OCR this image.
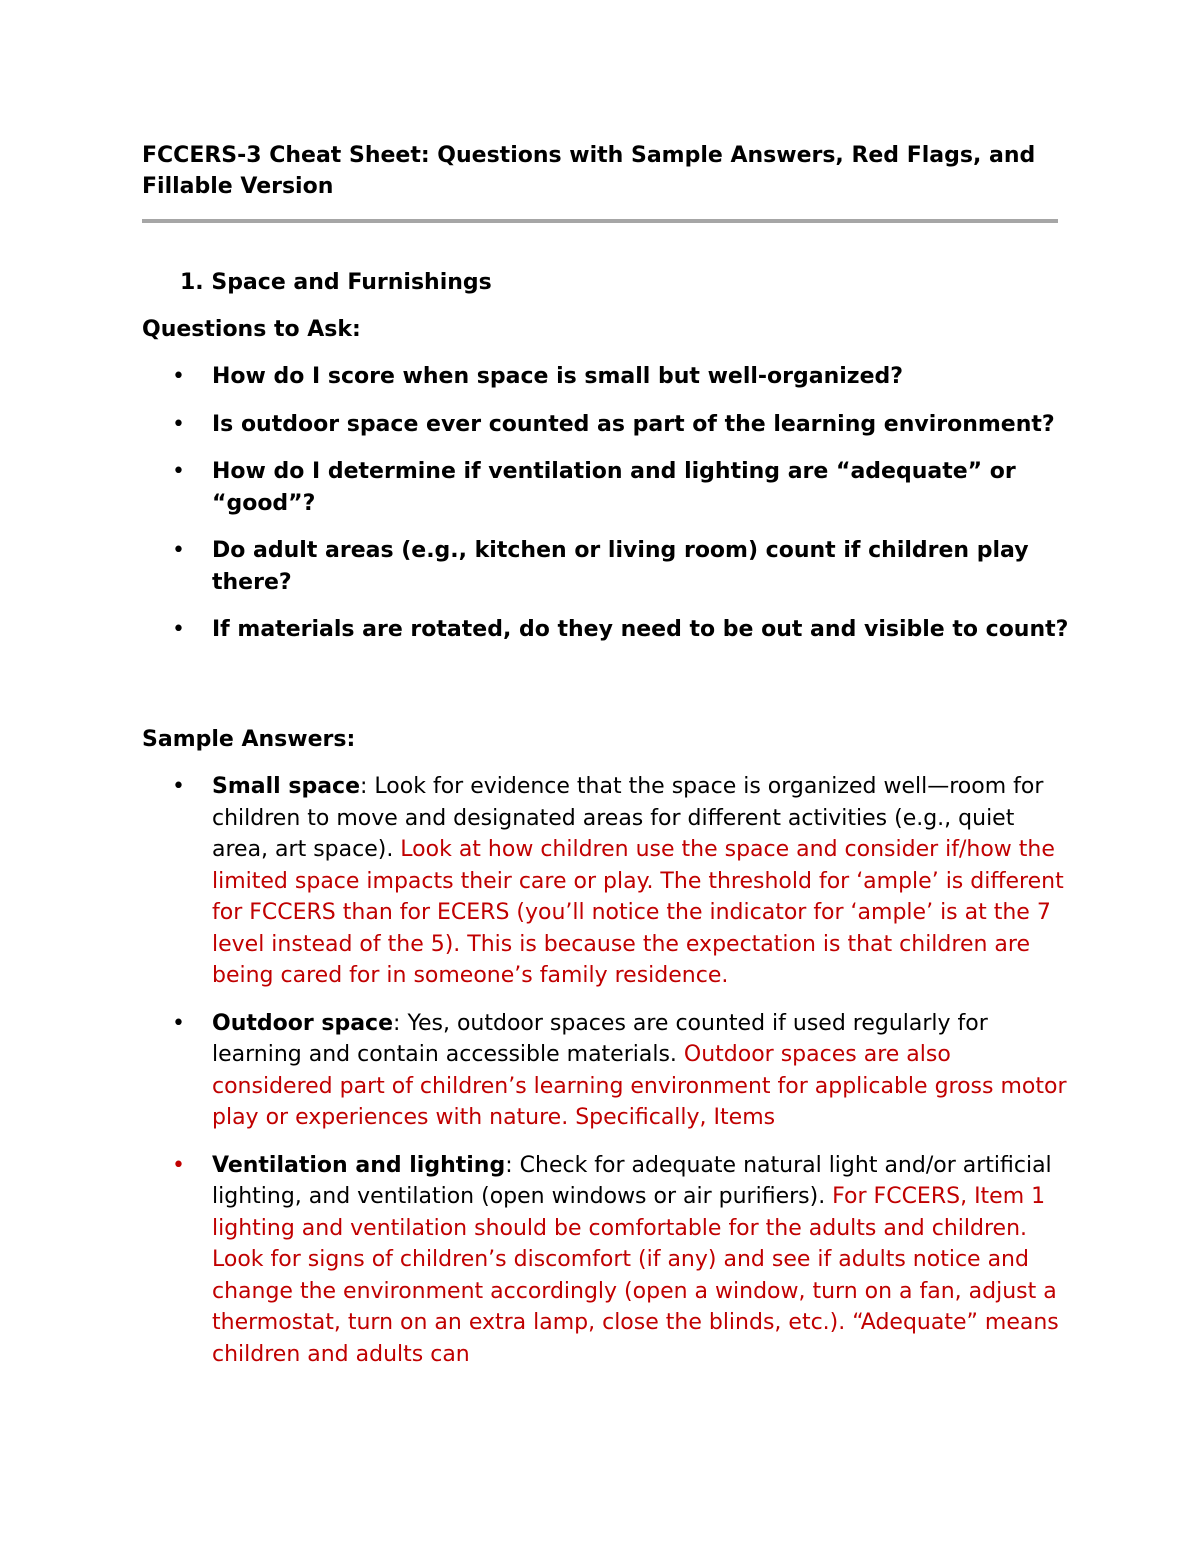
FCCERS-3 Cheat Sheet: Questions with Sample Answers, Red Flags, and Fillable Version
1. Space and Furnishings
Questions to Ask:
• How do I score when space is small but well-organized?
• Is outdoor space ever counted as part of the learning environment?
• How do I determine if ventilation and lighting are “adequate” or “good”?
• Do adult areas (e.g., kitchen or living room) count if children play there?
• If materials are rotated, do they need to be out and visible to count?
Sample Answers:
• Small space: Look for evidence that the space is organized well—room for children to move and designated areas for different activities (e.g., quiet area, art space). Look at how children use the space and consider if/how the limited space impacts their care or play. The threshold for ‘ample’ is different for FCCERS than for ECERS (you’ll notice the indicator for ‘ample’ is at the 7 level instead of the 5). This is because the expectation is that children are being cared for in someone’s family residence.
• Outdoor space: Yes, outdoor spaces are counted if used regularly for learning and contain accessible materials. Outdoor spaces are also considered part of children’s learning environment for applicable gross motor play or experiences with nature. Specifically, Items
• Ventilation and lighting: Check for adequate natural light and/or artificial lighting, and ventilation (open windows or air purifiers). For FCCERS, Item 1 lighting and ventilation should be comfortable for the adults and children. Look for signs of children’s discomfort (if any) and see if adults notice and change the environment accordingly (open a window, turn on a fan, adjust a thermostat, turn on an extra lamp, close the blinds, etc.). “Adequate” means children and adults can
